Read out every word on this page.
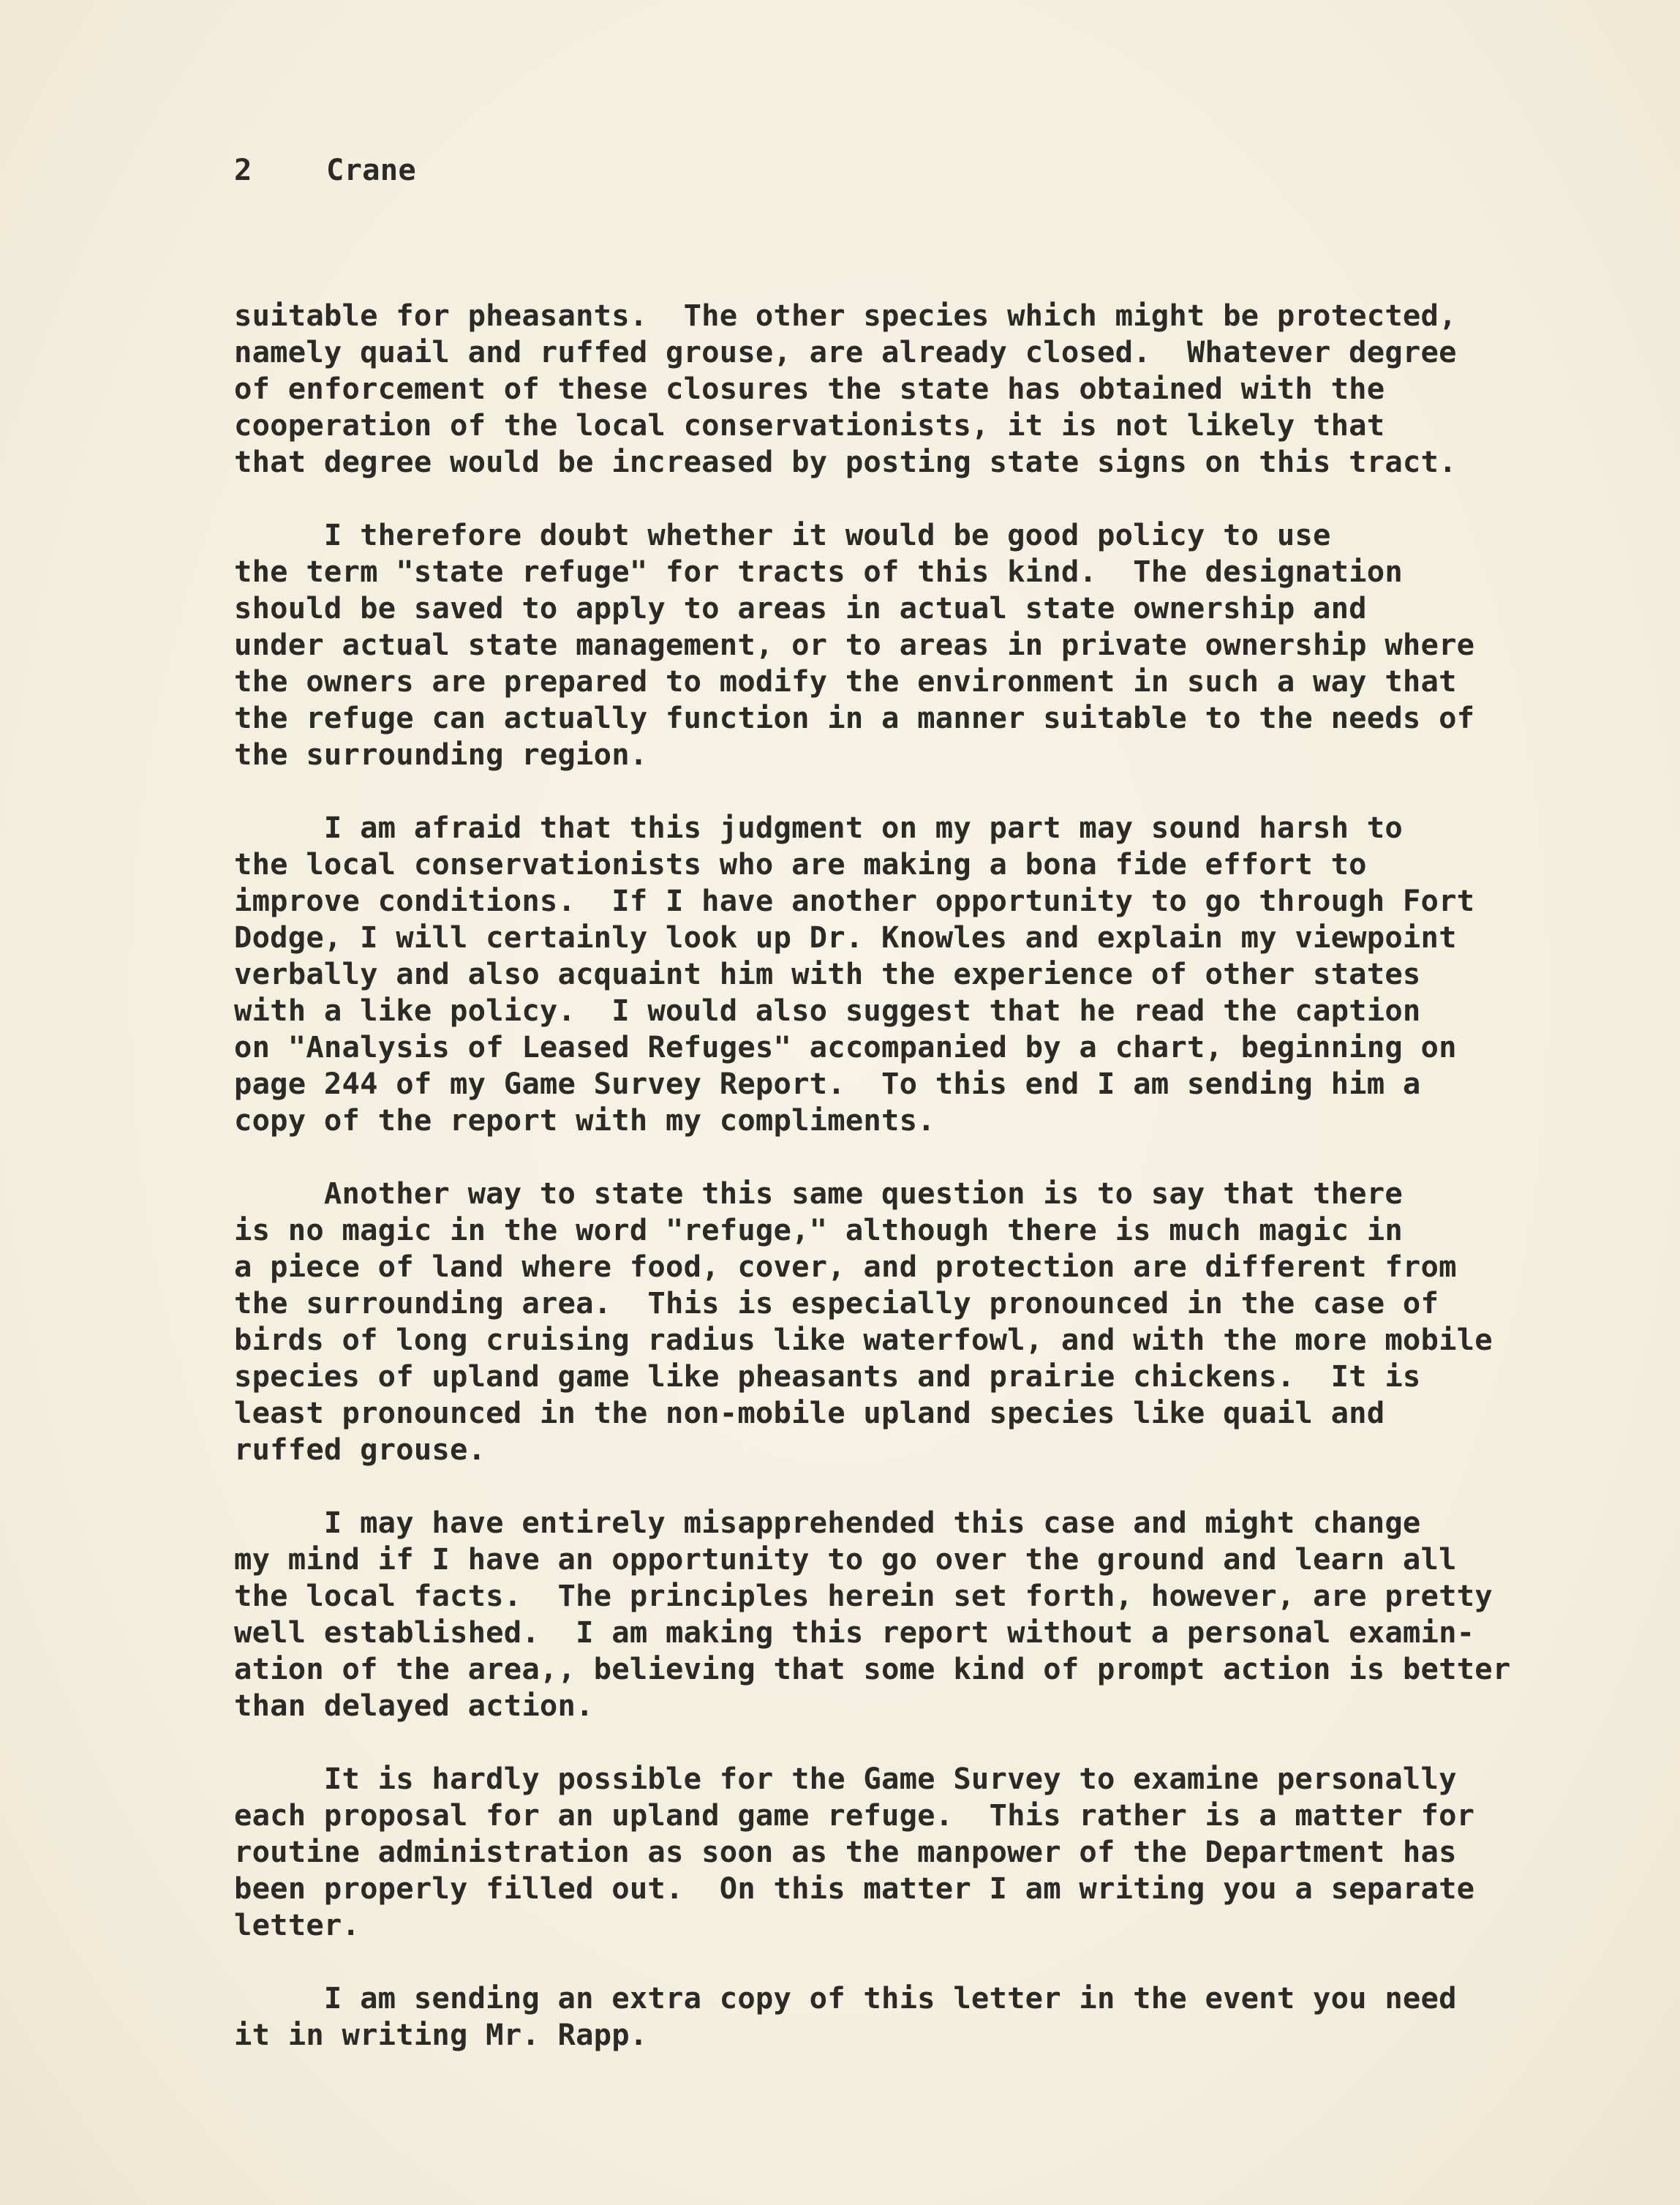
2	Crane
suitable for pheasants.  The other species which might be protected,
namely quail and ruffed grouse, are already closed.  Whatever degree
of enforcement of these closures the state has obtained with the
cooperation of the local conservationists, it is not likely that
that degree would be increased by posting state signs on this tract.
I therefore doubt whether it would be good policy to use
the term "state refuge" for tracts of this kind.  The designation
should be saved to apply to areas in actual state ownership and
under actual state management, or to areas in private ownership where
the owners are prepared to modify the environment in such a way that
the refuge can actually function in a manner suitable to the needs of
the surrounding region.
I am afraid that this judgment on my part may sound harsh to
the local conservationists who are making a bona fide effort to
improve conditions.  If I have another opportunity to go through Fort
Dodge, I will certainly look up Dr. Knowles and explain my viewpoint
verbally and also acquaint him with the experience of other states
with a like policy.  I would also suggest that he read the caption
on "Analysis of Leased Refuges" accompanied by a chart, beginning on
page 244 of my Game Survey Report.  To this end I am sending him a
copy of the report with my compliments.
Another way to state this same question is to say that there
is no magic in the word "refuge," although there is much magic in
a piece of land where food, cover, and protection are different from
the surrounding area.  This is especially pronounced in the case of
birds of long cruising radius like waterfowl, and with the more mobile
species of upland game like pheasants and prairie chickens.  It is
least pronounced in the non-mobile upland species like quail and
ruffed grouse.
I may have entirely misapprehended this case and might change
my mind if I have an opportunity to go over the ground and learn all
the local facts.  The principles herein set forth, however, are pretty
well established.  I am making this report without a personal examin-
ation of the area,, believing that some kind of prompt action is better
than delayed action.
It is hardly possible for the Game Survey to examine personally
each proposal for an upland game refuge.  This rather is a matter for
routine administration as soon as the manpower of the Department has
been properly filled out.  On this matter I am writing you a separate
letter.
I am sending an extra copy of this letter in the event you need
it in writing Mr. Rapp.
